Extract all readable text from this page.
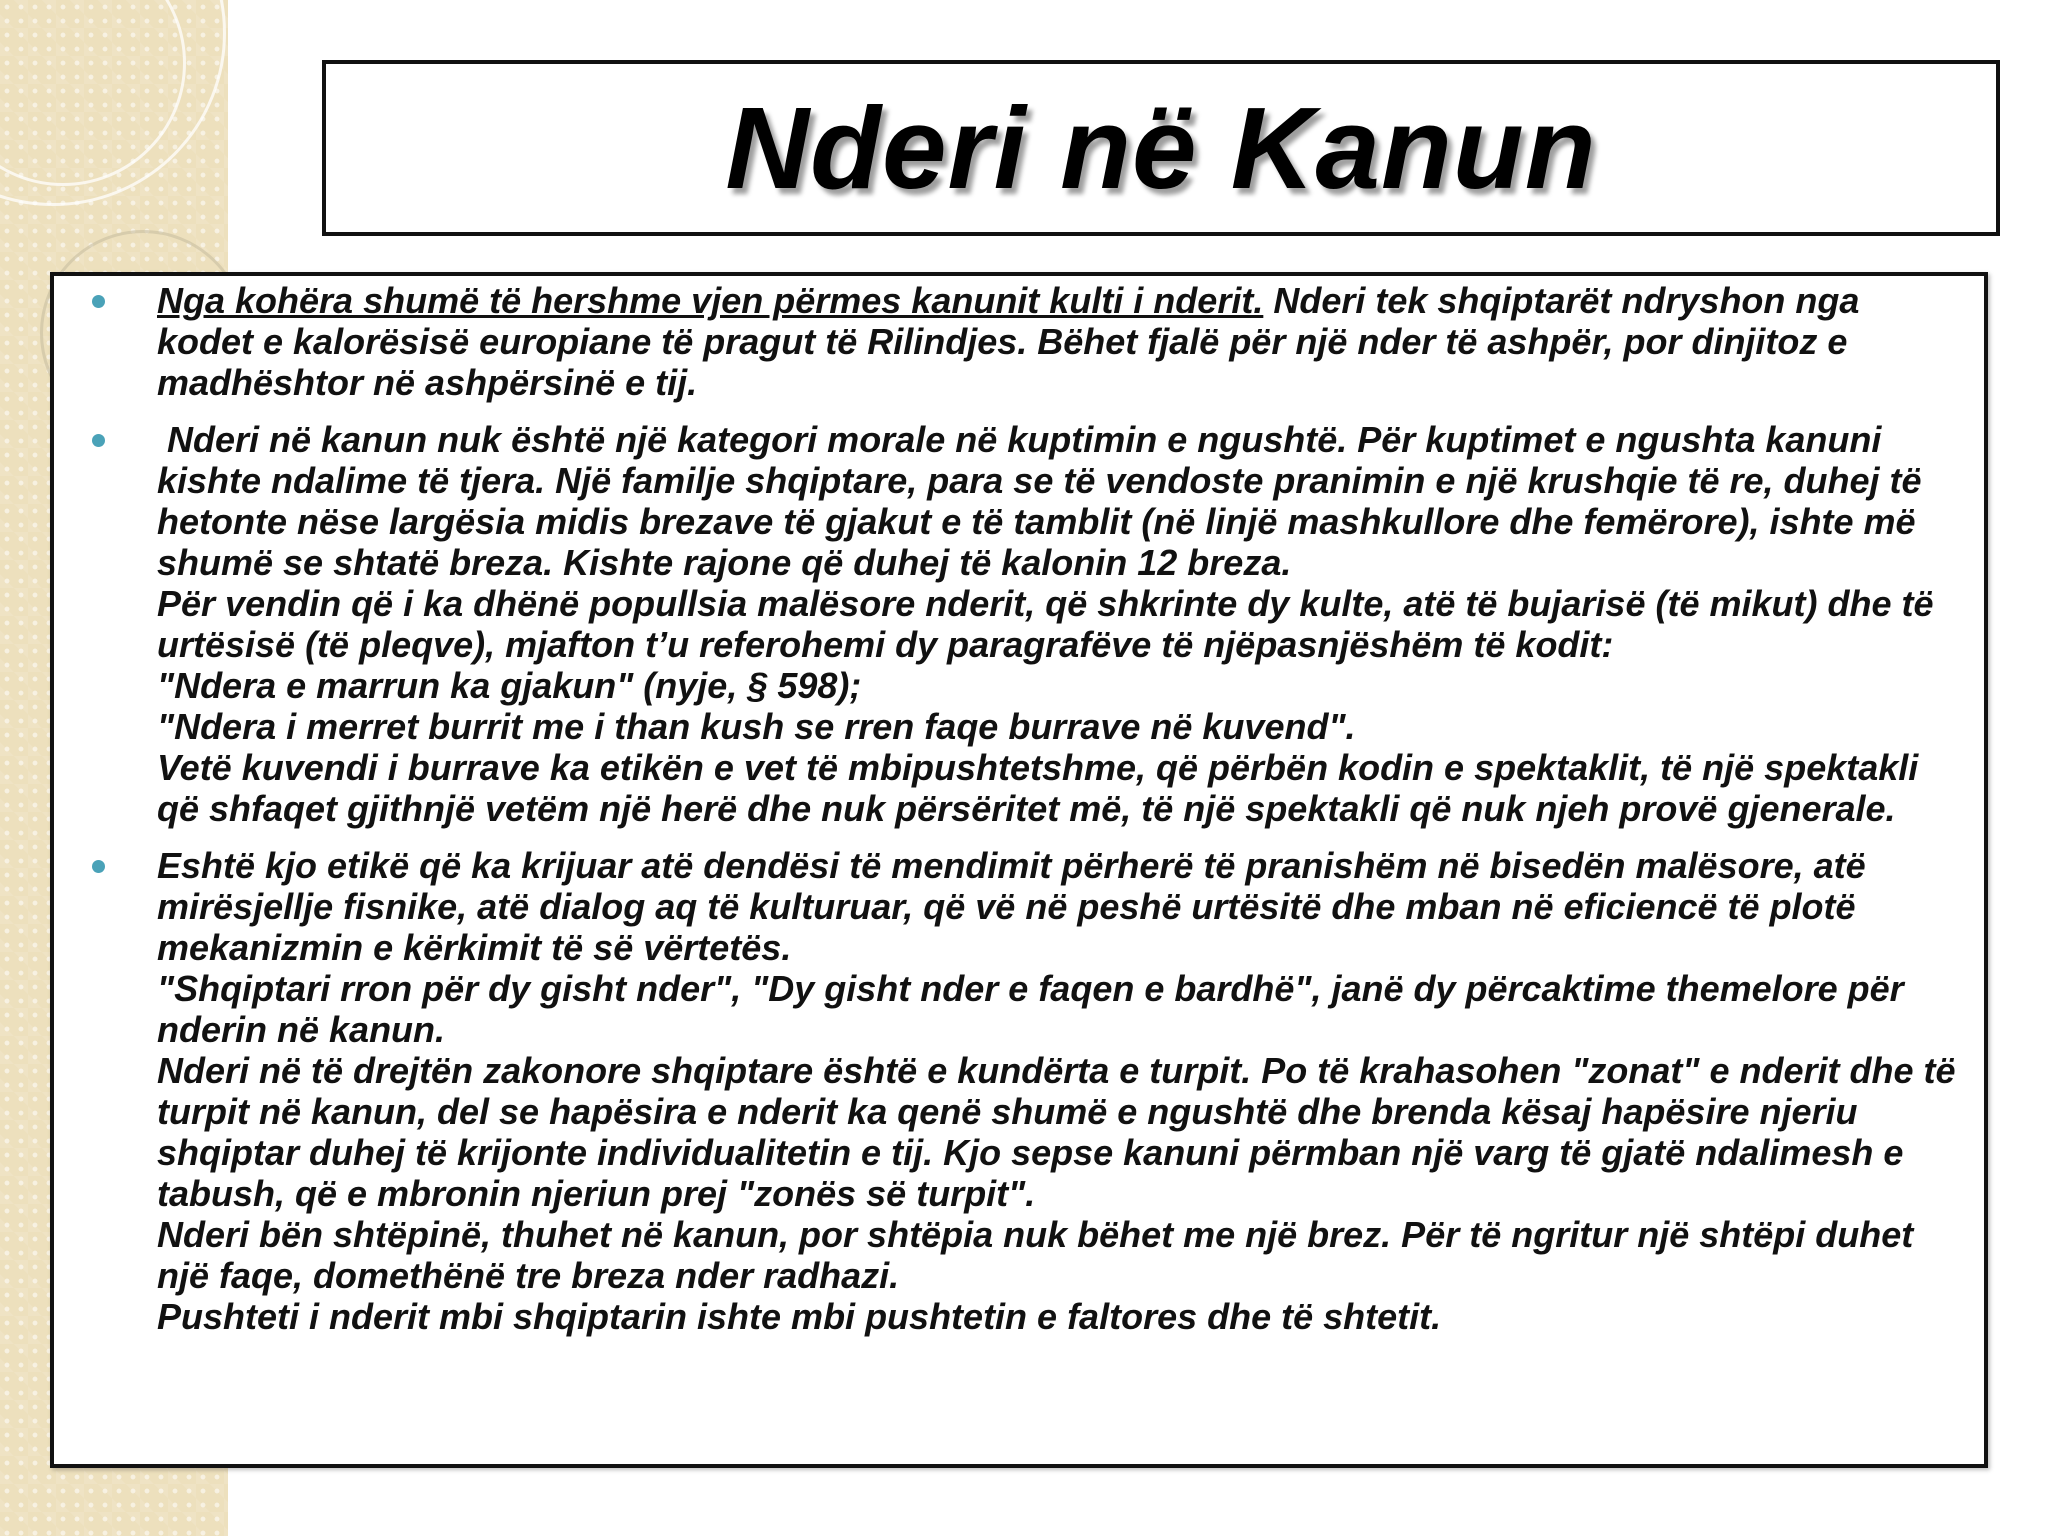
Nderi në Kanun
Nga kohëra shumë të hershme vjen përmes kanunit kulti i nderit. Nderi tek shqiptarët ndryshon nga kodet e kalorësisë europiane të pragut të Rilindjes. Bëhet fjalë për një nder të ashpër, por dinjitoz e madhështor në ashpërsinë e tij.
Nderi në kanun nuk është një kategori morale në kuptimin e ngushtë. Për kuptimet e ngushta kanuni kishte ndalime të tjera. Një familje shqiptare, para se të vendoste pranimin e një krushqie të re, duhej të hetonte nëse largësia midis brezave të gjakut e të tamblit (në linjë mashkullore dhe femërore), ishte më shumë se shtatë breza. Kishte rajone që duhej të kalonin 12 breza.
Për vendin që i ka dhënë popullsia malësore nderit, që shkrinte dy kulte, atë të bujarisë (të mikut) dhe të urtësisë (të pleqve), mjafton t’u referohemi dy paragrafëve të njëpasnjëshëm të kodit:
"Ndera e marrun ka gjakun" (nyje, § 598);
"Ndera i merret burrit me i than kush se rren faqe burrave në kuvend".
Vetë kuvendi i burrave ka etikën e vet të mbipushtetshme, që përbën kodin e spektaklit, të një spektakli që shfaqet gjithnjë vetëm një herë dhe nuk përsëritet më, të një spektakli që nuk njeh provë gjenerale.
Eshtë kjo etikë që ka krijuar atë dendësi të mendimit përherë të pranishëm në bisedën malësore, atë mirësjellje fisnike, atë dialog aq të kulturuar, që vë në peshë urtësitë dhe mban në eficiencë të plotë mekanizmin e kërkimit të së vërtetës.
"Shqiptari rron për dy gisht nder", "Dy gisht nder e faqen e bardhë", janë dy përcaktime themelore për nderin në kanun.
Nderi në të drejtën zakonore shqiptare është e kundërta e turpit. Po të krahasohen "zonat" e nderit dhe të turpit në kanun, del se hapësira e nderit ka qenë shumë e ngushtë dhe brenda kësaj hapësire njeriu shqiptar duhej të krijonte individualitetin e tij. Kjo sepse kanuni përmban një varg të gjatë ndalimesh e tabush, që e mbronin njeriun prej "zonës së turpit".
Nderi bën shtëpinë, thuhet në kanun, por shtëpia nuk bëhet me një brez. Për të ngritur një shtëpi duhet një faqe, domethënë tre breza nder radhazi.
Pushteti i nderit mbi shqiptarin ishte mbi pushtetin e faltores dhe të shtetit.
